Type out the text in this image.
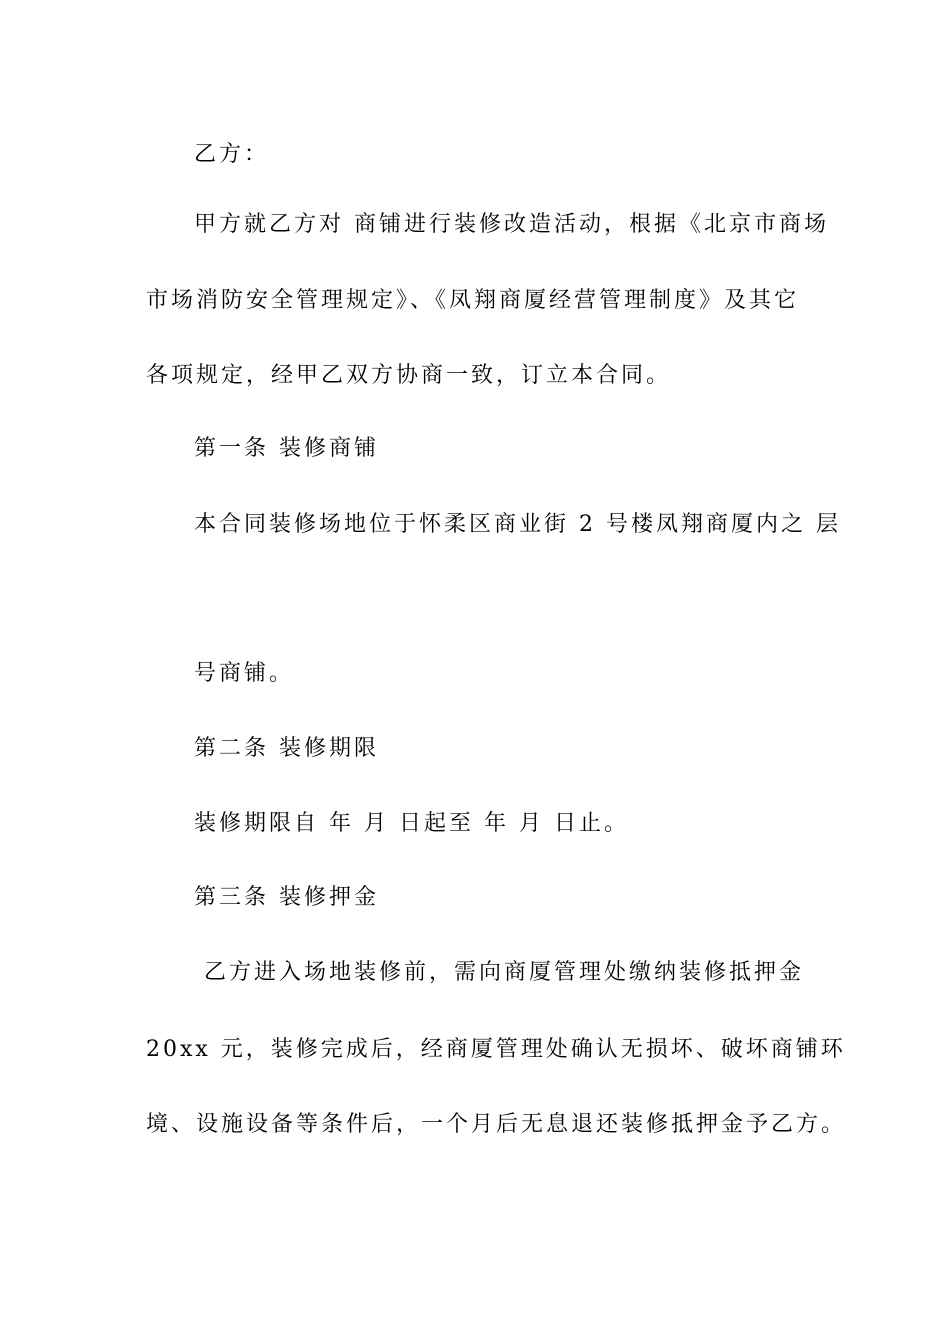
乙方：
甲方就乙方对 商铺进行装修改造活动，根据《北京市商场
市场消防安全管理规定》、《凤翔商厦经营管理制度》及其它
各项规定，经甲乙双方协商一致，订立本合同。
第一条 装修商铺
本合同装修场地位于怀柔区商业街 2 号楼凤翔商厦内之 层
号商铺。
第二条 装修期限
装修期限自 年 月 日起至 年 月 日止。
第三条 装修押金
乙方进入场地装修前，需向商厦管理处缴纳装修抵押金
20xx 元，装修完成后，经商厦管理处确认无损坏、破坏商铺环
境、设施设备等条件后，一个月后无息退还装修抵押金予乙方。
